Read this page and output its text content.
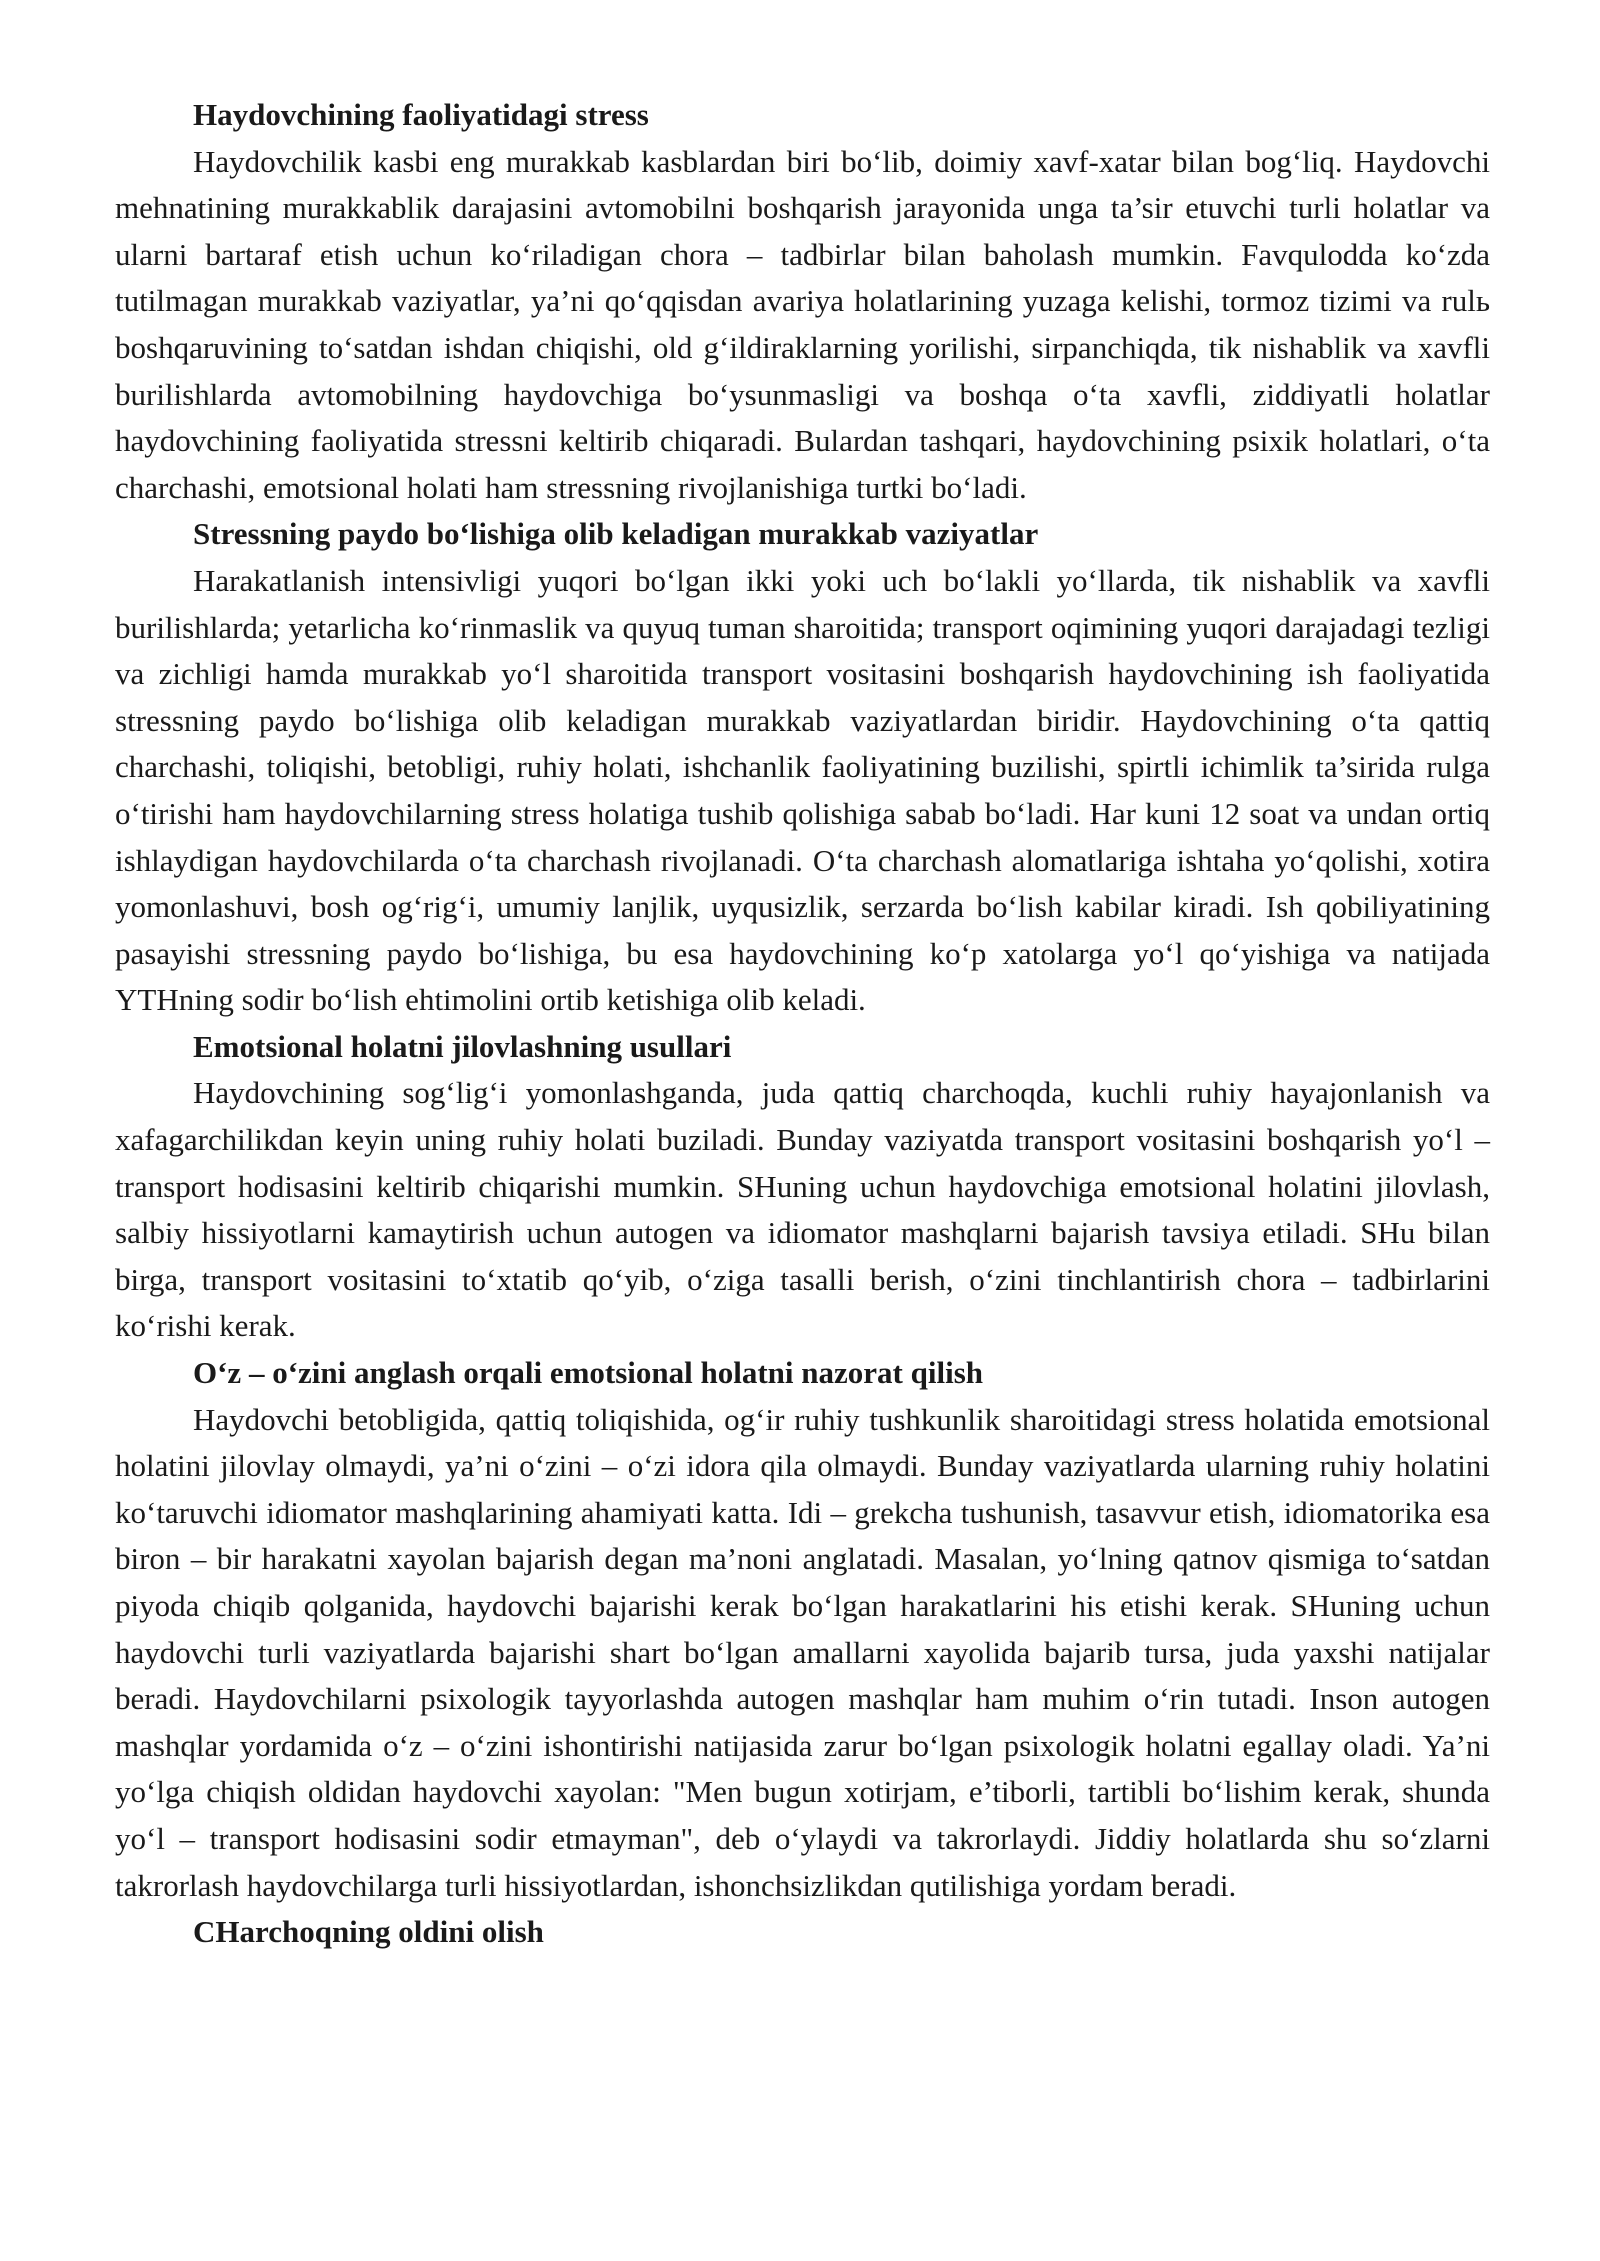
Haydovchining faoliyatidagi stress

Haydovchilik kasbi eng murakkab kasblardan biri bo‘lib, doimiy xavf-xatar bilan bog‘liq. Haydovchi mehnatining murakkablik darajasini avtomobilni boshqarish jarayonida unga ta’sir etuvchi turli holatlar va ularni bartaraf etish uchun ko‘riladigan chora – tadbirlar bilan baholash mumkin. Favqulodda ko‘zda tutilmagan murakkab vaziyatlar, ya’ni qo‘qqisdan avariya holatlarining yuzaga kelishi, tormoz tizimi va rulь boshqaruvining to‘satdan ishdan chiqishi, old g‘ildiraklarning yorilishi, sirpanchiqda, tik nishablik va xavfli burilishlarda avtomobilning haydovchiga bo‘ysunmasligi va boshqa o‘ta xavfli, ziddiyatli holatlar haydovchining faoliyatida stressni keltirib chiqaradi. Bulardan tashqari, haydovchining psixik holatlari, o‘ta charchashi, emotsional holati ham stressning rivojlanishiga turtki bo‘ladi.

Stressning paydo bo‘lishiga olib keladigan murakkab vaziyatlar

Harakatlanish intensivligi yuqori bo‘lgan ikki yoki uch bo‘lakli yo‘llarda, tik nishablik va xavfli burilishlarda; yetarlicha ko‘rinmaslik va quyuq tuman sharoitida; transport oqimining yuqori darajadagi tezligi va zichligi hamda murakkab yo‘l sharoitida transport vositasini boshqarish haydovchining ish faoliyatida stressning paydo bo‘lishiga olib keladigan murakkab vaziyatlardan biridir. Haydovchining o‘ta qattiq charchashi, toliqishi, betobligi, ruhiy holati, ishchanlik faoliyatining buzilishi, spirtli ichimlik ta’sirida rulga o‘tirishi ham haydovchilarning stress holatiga tushib qolishiga sabab bo‘ladi. Har kuni 12 soat va undan ortiq ishlaydigan haydovchilarda o‘ta charchash rivojlanadi. O‘ta charchash alomatlariga ishtaha yo‘qolishi, xotira yomonlashuvi, bosh og‘rig‘i, umumiy lanjlik, uyqusizlik, serzarda bo‘lish kabilar kiradi. Ish qobiliyatining pasayishi stressning paydo bo‘lishiga, bu esa haydovchining ko‘p xatolarga yo‘l qo‘yishiga va natijada YTHning sodir bo‘lish ehtimolini ortib ketishiga olib keladi.

Emotsional holatni jilovlashning usullari

Haydovchining sog‘lig‘i yomonlashganda, juda qattiq charchoqda, kuchli ruhiy hayajonlanish va xafagarchilikdan keyin uning ruhiy holati buziladi. Bunday vaziyatda transport vositasini boshqarish yo‘l – transport hodisasini keltirib chiqarishi mumkin. SHuning uchun haydovchiga emotsional holatini jilovlash, salbiy hissiyotlarni kamaytirish uchun autogen va idiomator mashqlarni bajarish tavsiya etiladi. SHu bilan birga, transport vositasini to‘xtatib qo‘yib, o‘ziga tasalli berish, o‘zini tinchlantirish chora – tadbirlarini ko‘rishi kerak.

O‘z – o‘zini anglash orqali emotsional holatni nazorat qilish

Haydovchi betobligida, qattiq toliqishida, og‘ir ruhiy tushkunlik sharoitidagi stress holatida emotsional holatini jilovlay olmaydi, ya’ni o‘zini – o‘zi idora qila olmaydi. Bunday vaziyatlarda ularning ruhiy holatini ko‘taruvchi idiomator mashqlarining ahamiyati katta. Idi – grekcha tushunish, tasavvur etish, idiomatorika esa biron – bir harakatni xayolan bajarish degan ma’noni anglatadi. Masalan, yo‘lning qatnov qismiga to‘satdan piyoda chiqib qolganida, haydovchi bajarishi kerak bo‘lgan harakatlarini his etishi kerak. SHuning uchun haydovchi turli vaziyatlarda bajarishi shart bo‘lgan amallarni xayolida bajarib tursa, juda yaxshi natijalar beradi. Haydovchilarni psixologik tayyorlashda autogen mashqlar ham muhim o‘rin tutadi. Inson autogen mashqlar yordamida o‘z – o‘zini ishontirishi natijasida zarur bo‘lgan psixologik holatni egallay oladi. Ya’ni yo‘lga chiqish oldidan haydovchi xayolan: "Men bugun xotirjam, e’tiborli, tartibli bo‘lishim kerak, shunda yo‘l – transport hodisasini sodir etmayman", deb o‘ylaydi va takrorlaydi. Jiddiy holatlarda shu so‘zlarni takrorlash haydovchilarga turli hissiyotlardan, ishonchsizlikdan qutilishiga yordam beradi.

CHarchoqning oldini olish
